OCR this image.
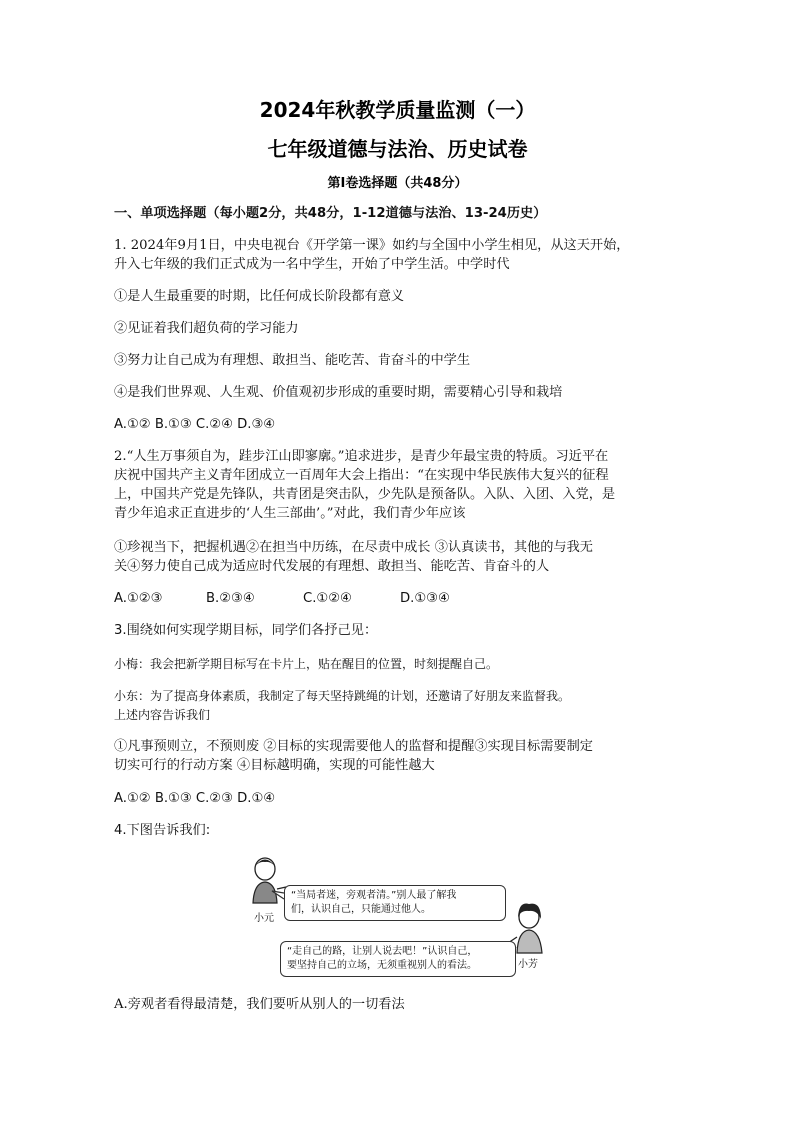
2024年秋教学质量监测（一）
七年级道德与法治、历史试卷
第Ⅰ卷选择题（共48分）
一、单项选择题（每小题2分，共48分，1-12道德与法治、13-24历史）
1. 2024年9月1日，中央电视台《开学第一课》如约与全国中小学生相见，从这天开始，
升入七年级的我们正式成为一名中学生，开始了中学生活。中学时代
①是人生最重要的时期，比任何成长阶段都有意义
②见证着我们超负荷的学习能力
③努力让自己成为有理想、敢担当、能吃苦、肯奋斗的中学生
④是我们世界观、人生观、价值观初步形成的重要时期，需要精心引导和栽培
A.①② B.①③ C.②④ D.③④
2.“人生万事须自为，跬步江山即寥廓。”追求进步，是青少年最宝贵的特质。习近平在
庆祝中国共产主义青年团成立一百周年大会上指出：“在实现中华民族伟大复兴的征程
上，中国共产党是先锋队，共青团是突击队，少先队是预备队。入队、入团、入党，是
青少年追求正直进步的‘人生三部曲’。”对此，我们青少年应该
①珍视当下，把握机遇②在担当中历练，在尽责中成长 ③认真读书，其他的与我无
关④努力使自己成为适应时代发展的有理想、敢担当、能吃苦、肯奋斗的人
A.①②③	B.②③④	C.①②④	D.①③④
3.围绕如何实现学期目标，同学们各抒己见：
小梅：我会把新学期目标写在卡片上，贴在醒目的位置，时刻提醒自己。
小东：为了提高身体素质，我制定了每天坚持跳绳的计划，还邀请了好朋友来监督我。
上述内容告诉我们
①凡事预则立，不预则废 ②目标的实现需要他人的监督和提醒③实现目标需要制定
切实可行的行动方案 ④目标越明确，实现的可能性越大
A.①② B.①③ C.②③ D.①④
4.下图告诉我们:
“当局者迷，旁观者清。”别人最了解我
们，认识自己，只能通过他人。
“走自己的路，让别人说去吧！”认识自己，
要坚持自己的立场，无须重视别人的看法。
小元
小芳
A.旁观者看得最清楚，我们要听从别人的一切看法
